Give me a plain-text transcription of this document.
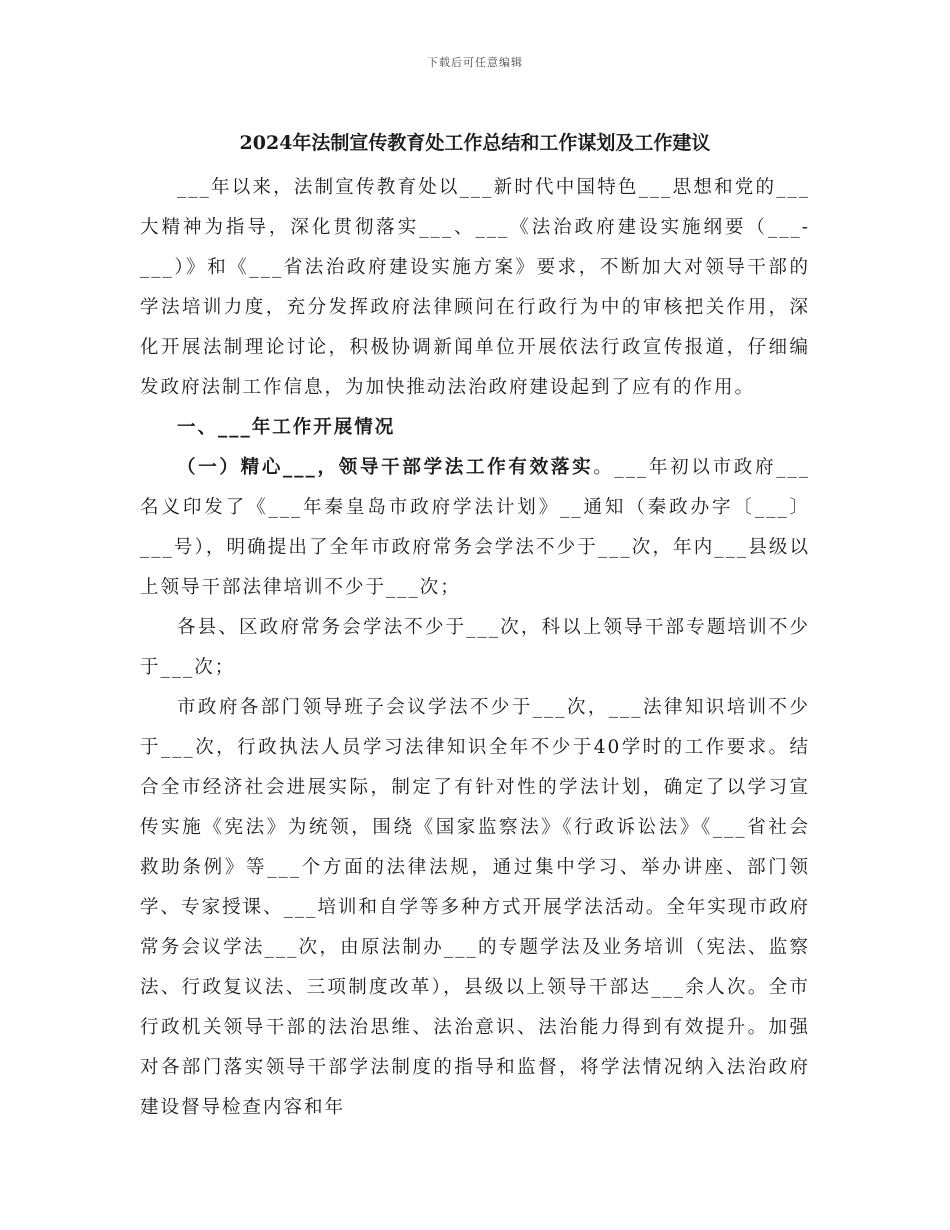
下载后可任意编辑
2024年法制宣传教育处工作总结和工作谋划及工作建议

___年以来，法制宣传教育处以___新时代中国特色___思想和党的___大精神为指导，深化贯彻落实___、___《法治政府建设实施纲要（___-___）》和《___省法治政府建设实施方案》要求，不断加大对领导干部的学法培训力度，充分发挥政府法律顾问在行政行为中的审核把关作用，深化开展法制理论讨论，积极协调新闻单位开展依法行政宣传报道，仔细编发政府法制工作信息，为加快推动法治政府建设起到了应有的作用。

一、___年工作开展情况

（一）精心___，领导干部学法工作有效落实。___年初以市政府___名义印发了《___年秦皇岛市政府学法计划》__通知（秦政办字〔___〕___号），明确提出了全年市政府常务会学法不少于___次，年内___县级以上领导干部法律培训不少于___次；

各县、区政府常务会学法不少于___次，科以上领导干部专题培训不少于___次；

市政府各部门领导班子会议学法不少于___次，___法律知识培训不少于___次，行政执法人员学习法律知识全年不少于40学时的工作要求。结合全市经济社会进展实际，制定了有针对性的学法计划，确定了以学习宣传实施《宪法》为统领，围绕《国家监察法》《行政诉讼法》《___省社会救助条例》等___个方面的法律法规，通过集中学习、举办讲座、部门领学、专家授课、___培训和自学等多种方式开展学法活动。全年实现市政府常务会议学法___次，由原法制办___的专题学法及业务培训（宪法、监察法、行政复议法、三项制度改革），县级以上领导干部达___余人次。全市行政机关领导干部的法治思维、法治意识、法治能力得到有效提升。加强对各部门落实领导干部学法制度的指导和监督，将学法情况纳入法治政府建设督导检查内容和年
